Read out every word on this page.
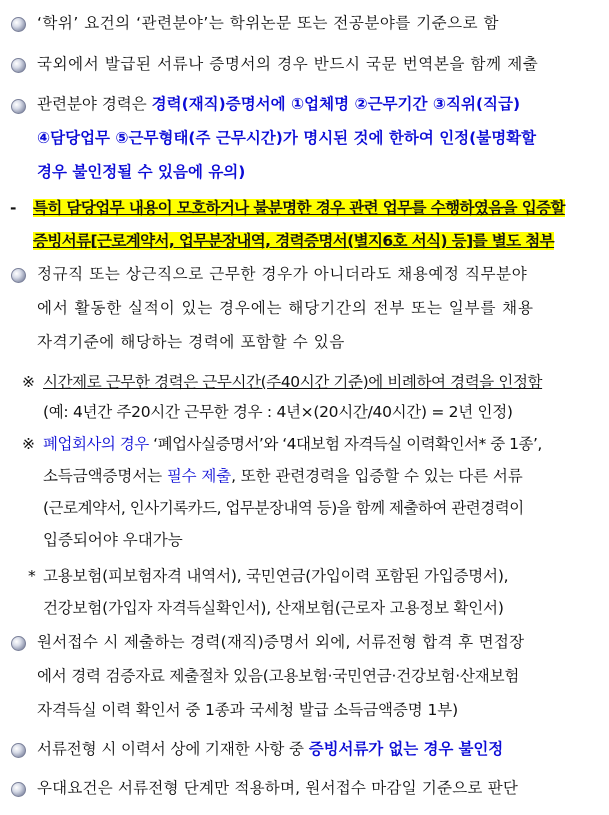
‘학위’ 요건의 ‘관련분야’는 학위논문 또는 전공분야를 기준으로 함
국외에서 발급된 서류나 증명서의 경우 반드시 국문 번역본을 함께 제출
관련분야 경력은 경력(재직)증명서에 ①업체명 ②근무기간 ③직위(직급)
④담당업무 ⑤근무형태(주 근무시간)가 명시된 것에 한하여 인정(불명확할
경우 불인정될 수 있음에 유의)
- 특히 담당업무 내용이 모호하거나 불분명한 경우 관련 업무를 수행하였음을 입증할
증빙서류[근로계약서, 업무분장내역, 경력증명서(별지6호 서식) 등]를 별도 첨부
정규직 또는 상근직으로 근무한 경우가 아니더라도 채용예정 직무분야
에서 활동한 실적이 있는 경우에는 해당기간의 전부 또는 일부를 채용
자격기준에 해당하는 경력에 포함할 수 있음
※ 시간제로 근무한 경력은 근무시간(주40시간 기준)에 비례하여 경력을 인정함
(예: 4년간 주20시간 근무한 경우 : 4년×(20시간/40시간) = 2년 인정)
※ 폐업회사의 경우 ‘폐업사실증명서’와 ‘4대보험 자격득실 이력확인서* 중 1종’,
소득금액증명서는 필수 제출, 또한 관련경력을 입증할 수 있는 다른 서류
(근로계약서, 인사기록카드, 업무분장내역 등)을 함께 제출하여 관련경력이
입증되어야 우대가능
* 고용보험(피보험자격 내역서), 국민연금(가입이력 포함된 가입증명서),
건강보험(가입자 자격득실확인서), 산재보험(근로자 고용정보 확인서)
원서접수 시 제출하는 경력(재직)증명서 외에, 서류전형 합격 후 면접장
에서 경력 검증자료 제출절차 있음(고용보험·국민연금·건강보험·산재보험
자격득실 이력 확인서 중 1종과 국세청 발급 소득금액증명 1부)
서류전형 시 이력서 상에 기재한 사항 중 증빙서류가 없는 경우 불인정
우대요건은 서류전형 단계만 적용하며, 원서접수 마감일 기준으로 판단
